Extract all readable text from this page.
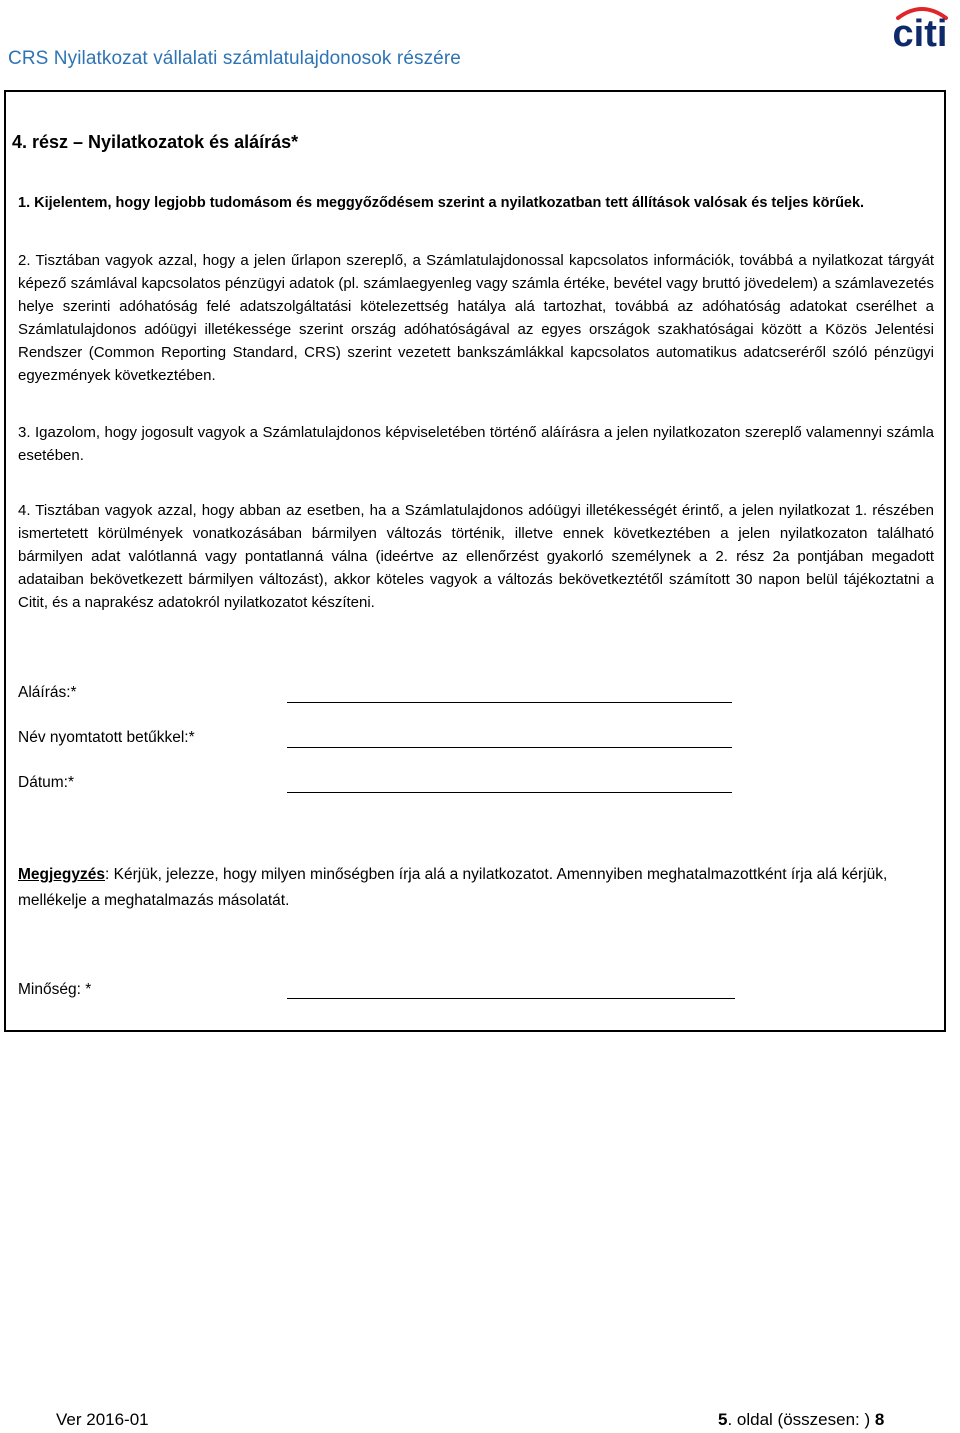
CRS Nyilatkozat vállalati számlatulajdonosok részére
citi
4. rész – Nyilatkozatok és aláírás*

1. Kijelentem, hogy legjobb tudomásom és meggyőződésem szerint a nyilatkozatban tett állítások valósak és teljes körűek.

2. Tisztában vagyok azzal, hogy a jelen űrlapon szereplő, a Számlatulajdonossal kapcsolatos információk, továbbá a nyilatkozat tárgyát képező számlával kapcsolatos pénzügyi adatok (pl. számlaegyenleg vagy számla értéke, bevétel vagy bruttó jövedelem) a számlavezetés helye szerinti adóhatóság felé adatszolgáltatási kötelezettség hatálya alá tartozhat, továbbá az adóhatóság adatokat cserélhet a Számlatulajdonos adóügyi illetékessége szerint ország adóhatóságával az egyes országok szakhatóságai között a Közös Jelentési Rendszer (Common Reporting Standard, CRS) szerint vezetett bankszámlákkal kapcsolatos automatikus adatcseréről szóló pénzügyi egyezmények következtében.

3. Igazolom, hogy jogosult vagyok a Számlatulajdonos képviseletében történő aláírásra a jelen nyilatkozaton szereplő valamennyi számla esetében.

4. Tisztában vagyok azzal, hogy abban az esetben, ha a Számlatulajdonos adóügyi illetékességét érintő, a jelen nyilatkozat 1. részében ismertetett körülmények vonatkozásában bármilyen változás történik, illetve ennek következtében a jelen nyilatkozaton található bármilyen adat valótlanná vagy pontatlanná válna (ideértve az ellenőrzést gyakorló személynek a 2. rész 2a pontjában megadott adataiban bekövetkezett bármilyen változást), akkor köteles vagyok a változás bekövetkeztétől számított 30 napon belül tájékoztatni a Citit, és a naprakész adatokról nyilatkozatot készíteni.

Aláírás:*
Név nyomtatott betűkkel:*
Dátum:*

Megjegyzés: Kérjük, jelezze, hogy milyen minőségben írja alá a nyilatkozatot. Amennyiben meghatalmazottként írja alá kérjük, mellékelje a meghatalmazás másolatát.

Minőség: *
Ver 2016-01	5. oldal (összesen: ) 8
